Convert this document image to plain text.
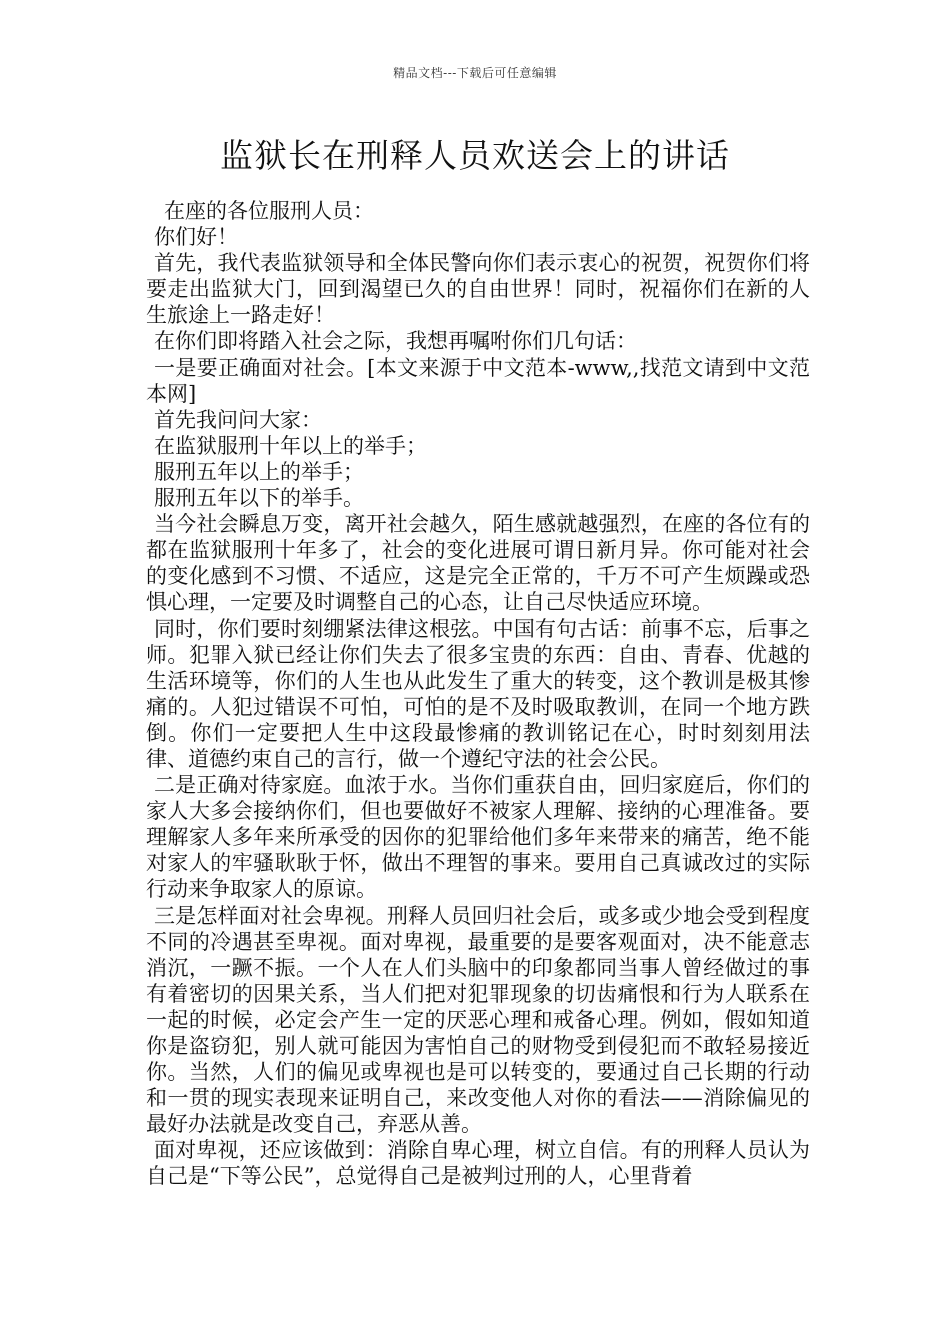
精品文档---下载后可任意编辑
监狱长在刑释人员欢送会上的讲话

在座的各位服刑人员：

你们好！

首先，我代表监狱领导和全体民警向你们表示衷心的祝贺，祝贺你们将要走出监狱大门，回到渴望已久的自由世界！同时，祝福你们在新的人生旅途上一路走好！

在你们即将踏入社会之际，我想再嘱咐你们几句话：

一是要正确面对社会。[本文来源于中文范本-www,,找范文请到中文范本网]

首先我问问大家：

在监狱服刑十年以上的举手；

服刑五年以上的举手；

服刑五年以下的举手。

当今社会瞬息万变，离开社会越久，陌生感就越强烈，在座的各位有的都在监狱服刑十年多了，社会的变化进展可谓日新月异。你可能对社会的变化感到不习惯、不适应，这是完全正常的，千万不可产生烦躁或恐惧心理，一定要及时调整自己的心态，让自己尽快适应环境。

同时，你们要时刻绷紧法律这根弦。中国有句古话：前事不忘，后事之师。犯罪入狱已经让你们失去了很多宝贵的东西：自由、青春、优越的生活环境等，你们的人生也从此发生了重大的转变，这个教训是极其惨痛的。人犯过错误不可怕，可怕的是不及时吸取教训，在同一个地方跌倒。你们一定要把人生中这段最惨痛的教训铭记在心，时时刻刻用法律、道德约束自己的言行，做一个遵纪守法的社会公民。

二是正确对待家庭。血浓于水。当你们重获自由，回归家庭后，你们的家人大多会接纳你们，但也要做好不被家人理解、接纳的心理准备。要理解家人多年来所承受的因你的犯罪给他们多年来带来的痛苦，绝不能对家人的牢骚耿耿于怀，做出不理智的事来。要用自己真诚改过的实际行动来争取家人的原谅。

三是怎样面对社会卑视。刑释人员回归社会后，或多或少地会受到程度不同的冷遇甚至卑视。面对卑视，最重要的是要客观面对，决不能意志消沉，一蹶不振。一个人在人们头脑中的印象都同当事人曾经做过的事有着密切的因果关系，当人们把对犯罪现象的切齿痛恨和行为人联系在一起的时候，必定会产生一定的厌恶心理和戒备心理。例如，假如知道你是盗窃犯，别人就可能因为害怕自己的财物受到侵犯而不敢轻易接近你。当然，人们的偏见或卑视也是可以转变的，要通过自己长期的行动和一贯的现实表现来证明自己，来改变他人对你的看法——消除偏见的最好办法就是改变自己，弃恶从善。

面对卑视，还应该做到：消除自卑心理，树立自信。有的刑释人员认为自己是“下等公民”，总觉得自己是被判过刑的人，心里背着
